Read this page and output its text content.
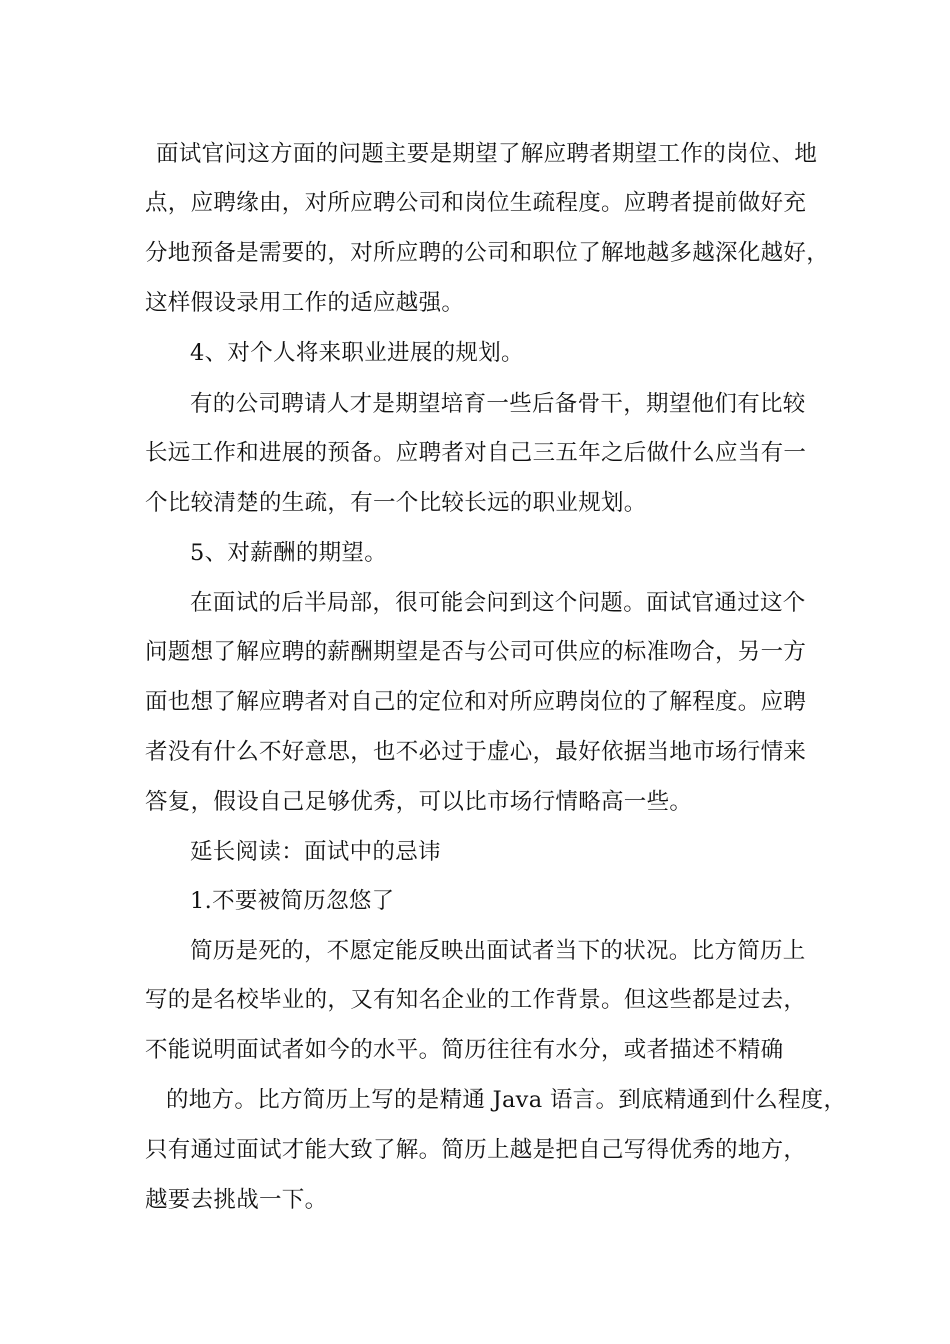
面试官问这方面的问题主要是期望了解应聘者期望工作的岗位、地

点，应聘缘由，对所应聘公司和岗位生疏程度。应聘者提前做好充

分地预备是需要的，对所应聘的公司和职位了解地越多越深化越好，

这样假设录用工作的适应越强。

4、对个人将来职业进展的规划。

有的公司聘请人才是期望培育一些后备骨干，期望他们有比较

长远工作和进展的预备。应聘者对自己三五年之后做什么应当有一

个比较清楚的生疏，有一个比较长远的职业规划。

5、对薪酬的期望。

在面试的后半局部，很可能会问到这个问题。面试官通过这个

问题想了解应聘的薪酬期望是否与公司可供应的标准吻合，另一方

面也想了解应聘者对自己的定位和对所应聘岗位的了解程度。应聘

者没有什么不好意思，也不必过于虚心，最好依据当地市场行情来

答复，假设自己足够优秀，可以比市场行情略高一些。

延长阅读：面试中的忌讳

1.不要被简历忽悠了

简历是死的，不愿定能反映出面试者当下的状况。比方简历上

写的是名校毕业的，又有知名企业的工作背景。但这些都是过去，

不能说明面试者如今的水平。简历往往有水分，或者描述不精确

的地方。比方简历上写的是精通 Java 语言。到底精通到什么程度，

只有通过面试才能大致了解。简历上越是把自己写得优秀的地方，

越要去挑战一下。
